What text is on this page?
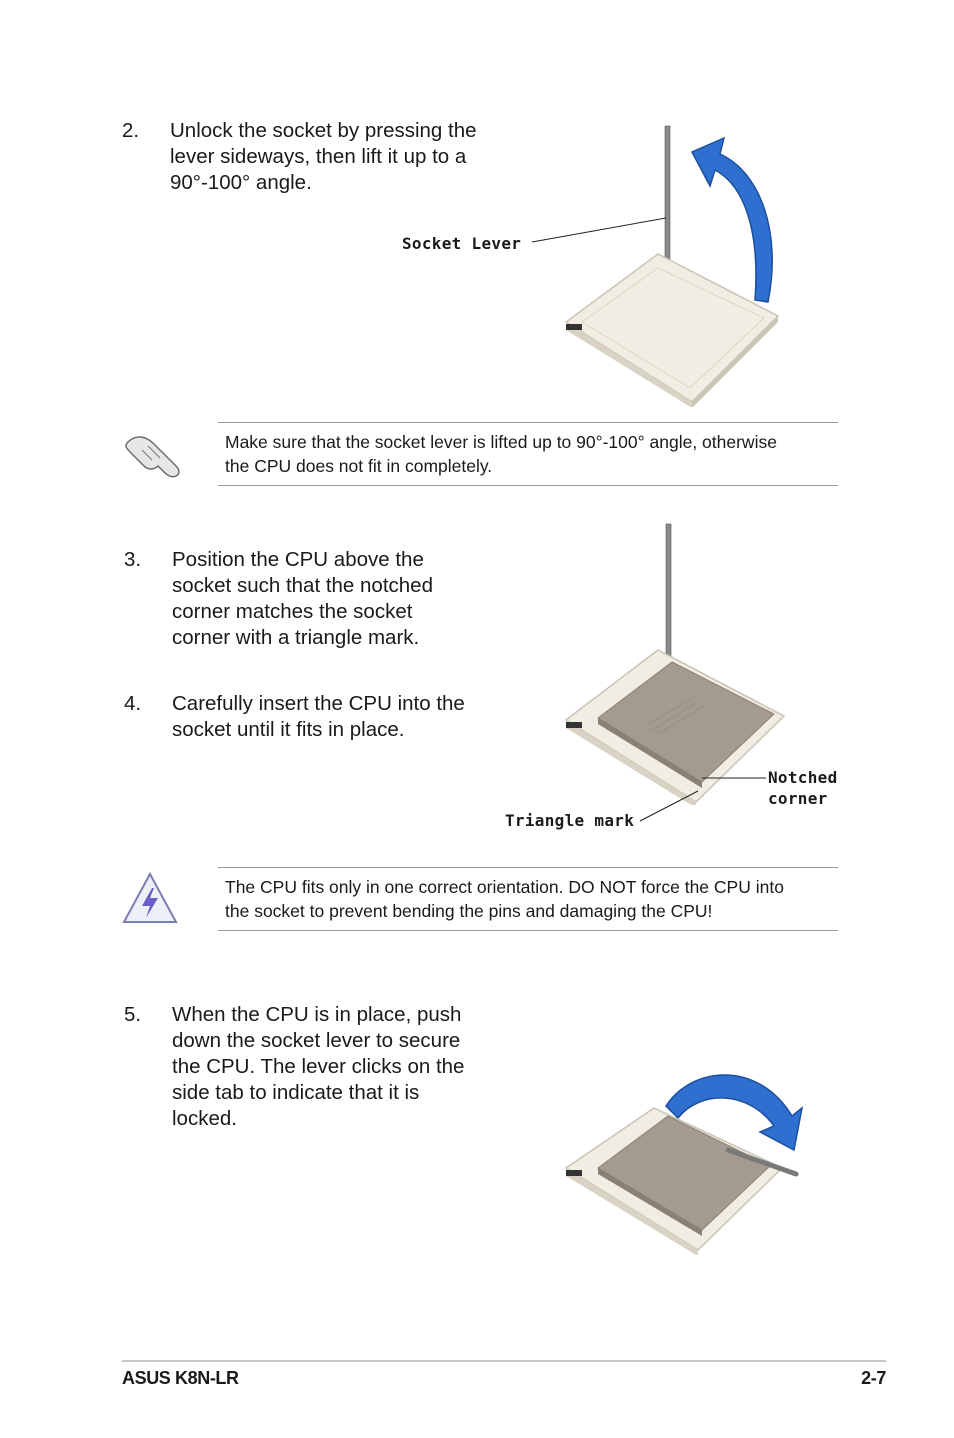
2. Unlock the socket by pressing the
lever sideways, then lift it up to a
90°-100° angle.
Socket Lever
Make sure that the socket lever is lifted up to 90°-100° angle, otherwise
the CPU does not fit in completely.
3. Position the CPU above the
socket such that the notched
corner matches the socket
corner with a triangle mark.
4. Carefully insert the CPU into the
socket until it fits in place.
Notched
corner
Triangle mark
The CPU fits only in one correct orientation. DO NOT force the CPU into
the socket to prevent bending the pins and damaging the CPU!
5. When the CPU is in place, push
down the socket lever to secure
the CPU. The lever clicks on the
side tab to indicate that it is
locked.
ASUS K8N-LR	2-7
